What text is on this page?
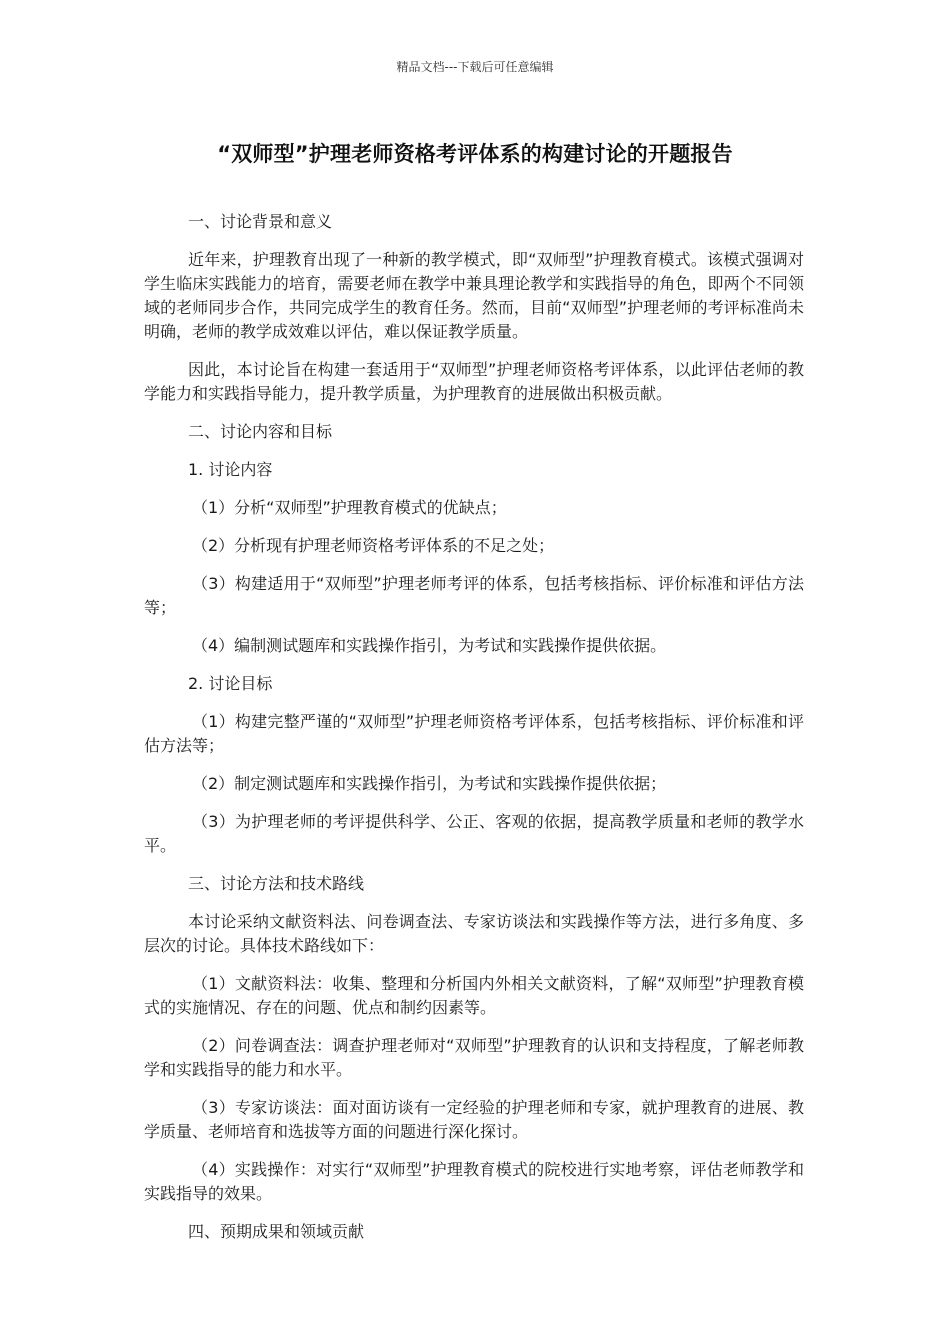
精品文档---下载后可任意编辑
“双师型”护理老师资格考评体系的构建讨论的开题报告

一、讨论背景和意义

近年来，护理教育出现了一种新的教学模式，即“双师型”护理教育模式。该模式强调对学生临床实践能力的培育，需要老师在教学中兼具理论教学和实践指导的角色，即两个不同领域的老师同步合作，共同完成学生的教育任务。然而，目前“双师型”护理老师的考评标准尚未明确，老师的教学成效难以评估，难以保证教学质量。

因此，本讨论旨在构建一套适用于“双师型”护理老师资格考评体系，以此评估老师的教学能力和实践指导能力，提升教学质量，为护理教育的进展做出积极贡献。

二、讨论内容和目标

1. 讨论内容

（1）分析“双师型”护理教育模式的优缺点；

（2）分析现有护理老师资格考评体系的不足之处；

（3）构建适用于“双师型”护理老师考评的体系，包括考核指标、评价标准和评估方法等；

（4）编制测试题库和实践操作指引，为考试和实践操作提供依据。

2. 讨论目标

（1）构建完整严谨的“双师型”护理老师资格考评体系，包括考核指标、评价标准和评估方法等；

（2）制定测试题库和实践操作指引，为考试和实践操作提供依据；

（3）为护理老师的考评提供科学、公正、客观的依据，提高教学质量和老师的教学水平。

三、讨论方法和技术路线

本讨论采纳文献资料法、问卷调查法、专家访谈法和实践操作等方法，进行多角度、多层次的讨论。具体技术路线如下：

（1）文献资料法：收集、整理和分析国内外相关文献资料，了解“双师型”护理教育模式的实施情况、存在的问题、优点和制约因素等。

（2）问卷调查法：调查护理老师对“双师型”护理教育的认识和支持程度，了解老师教学和实践指导的能力和水平。

（3）专家访谈法：面对面访谈有一定经验的护理老师和专家，就护理教育的进展、教学质量、老师培育和选拔等方面的问题进行深化探讨。

（4）实践操作：对实行“双师型”护理教育模式的院校进行实地考察，评估老师教学和实践指导的效果。

四、预期成果和领域贡献
